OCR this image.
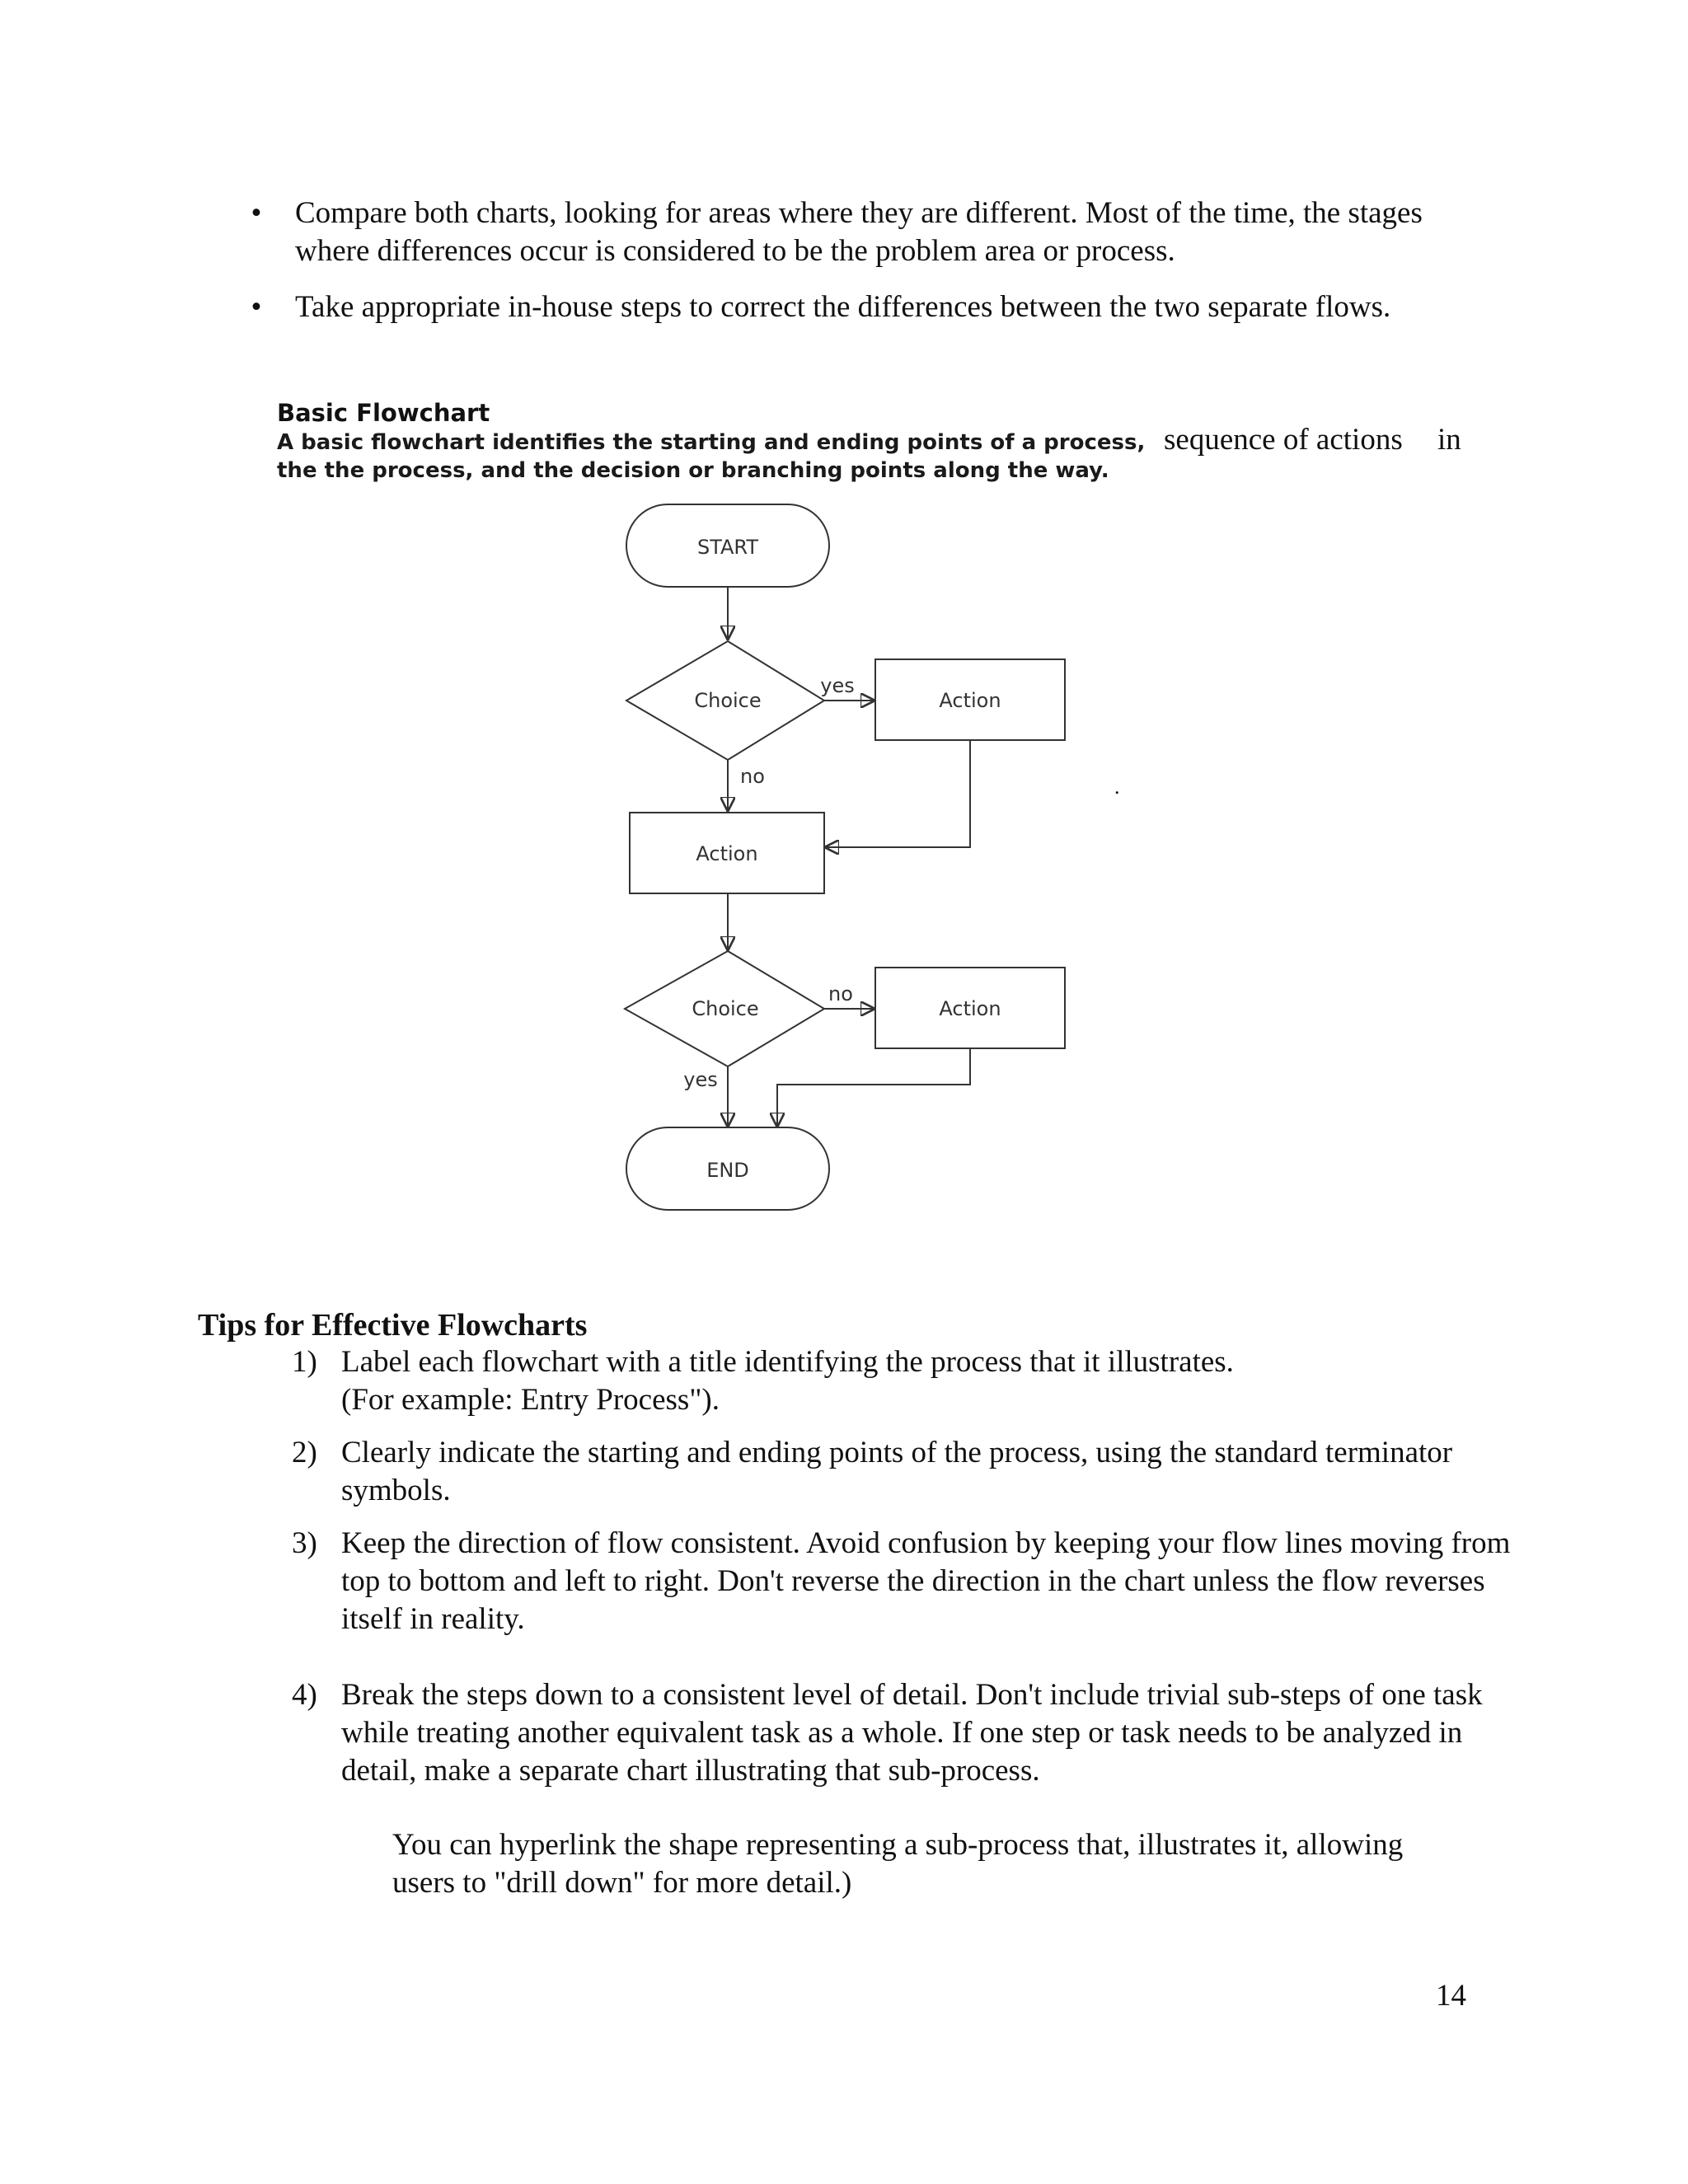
• Compare both charts, looking for areas where they are different. Most of the time, the stages where differences occur is considered to be the problem area or process.
• Take appropriate in-house steps to correct the differences between the two separate flows.
Basic Flowchart
A basic flowchart identifies the starting and ending points of a process, the the process, and the decision or branching points along the way.
sequence of actions in
.
START
Choice
yes
Action
no
Action
Choice
no
Action
yes
END
Tips for Effective Flowcharts
1) Label each flowchart with a title identifying the process that it illustrates.
(For example: Entry Process").
2) Clearly indicate the starting and ending points of the process, using the standard terminator symbols.
3) Keep the direction of flow consistent. Avoid confusion by keeping your flow lines moving from top to bottom and left to right. Don't reverse the direction in the chart unless the flow reverses itself in reality.
4) Break the steps down to a consistent level of detail. Don't include trivial sub-steps of one task while treating another equivalent task as a whole. If one step or task needs to be analyzed in detail, make a separate chart illustrating that sub-process.
You can hyperlink the shape representing a sub-process that, illustrates it, allowing users to "drill down" for more detail.)
14
